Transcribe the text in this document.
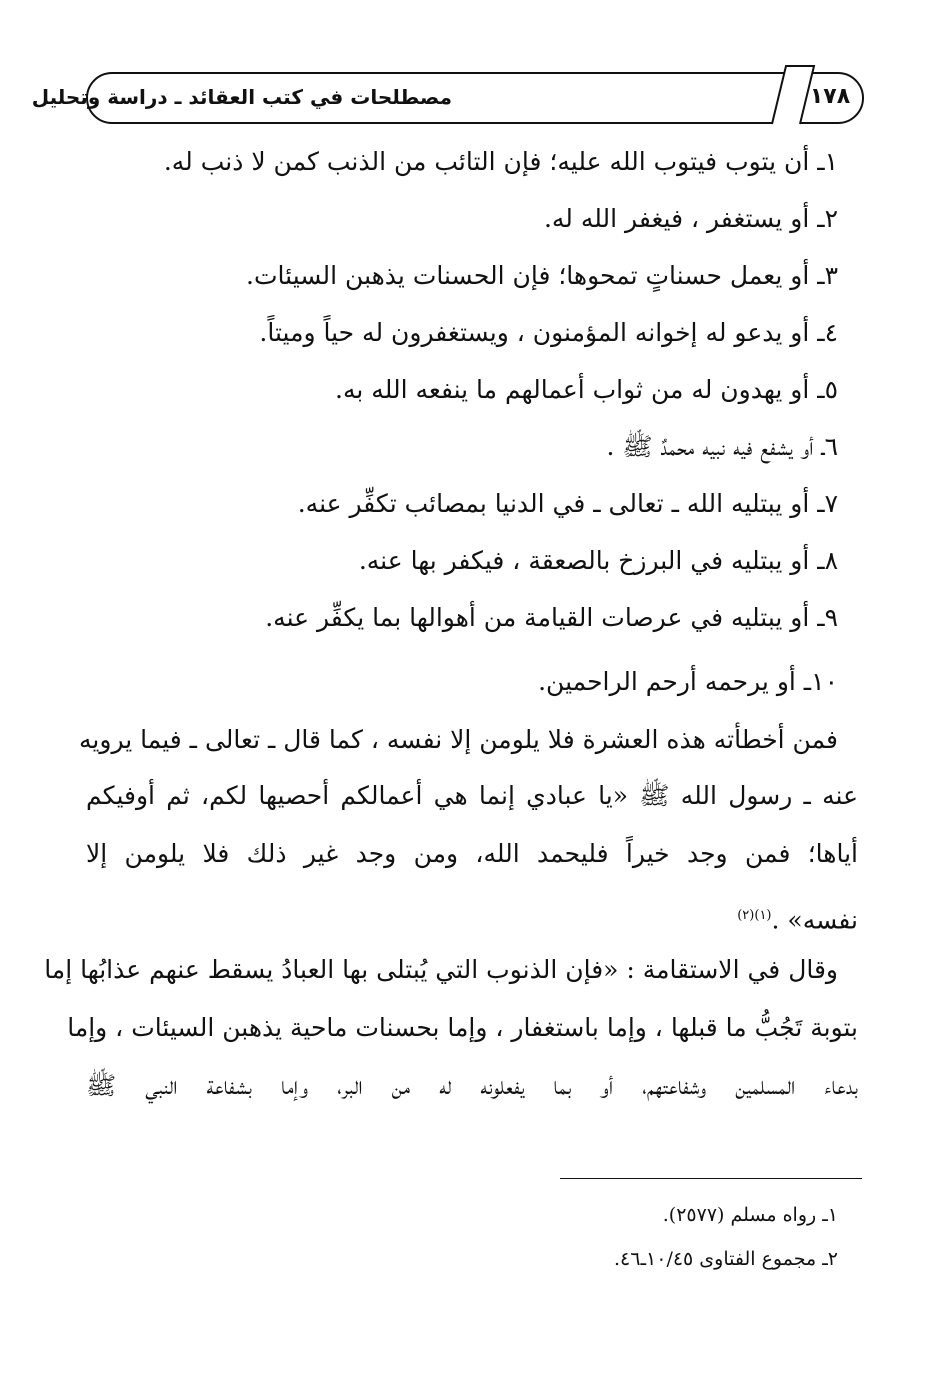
١٧٨
مصطلحات في كتب العقائد ـ دراسة وتحليل
١ـ أن يتوب فيتوب الله عليه؛ فإن التائب من الذنب كمن لا ذنب له.
٢ـ أو يستغفر ، فيغفر الله له.
٣ـ أو يعمل حسناتٍ تمحوها؛ فإن الحسنات يذهبن السيئات.
٤ـ أو يدعو له إخوانه المؤمنون ، ويستغفرون له حياً وميتاً.
٥ـ أو يهدون له من ثواب أعمالهم ما ينفعه الله به.
٦ـ أو يشفع فيه نبيه محمدٌ ﷺ .
٧ـ أو يبتليه الله ـ تعالى ـ في الدنيا بمصائب تكفِّر عنه.
٨ـ أو يبتليه في البرزخ بالصعقة ، فيكفر بها عنه.
٩ـ أو يبتليه في عرصات القيامة من أهوالها بما يكفِّر عنه.
١٠ـ أو يرحمه أرحم الراحمين.
فمن أخطأته هذه العشرة فلا يلومن إلا نفسه ، كما قال ـ تعالى ـ فيما يرويه
عنه ـ رسول الله ﷺ «يا عبادي إنما هي أعمالكم أحصيها لكم، ثم أوفيكم
أياها؛ فمن وجد خيراً فليحمد الله، ومن وجد غير ذلك فلا يلومن إلا
نفسه» .$^{(١)(٢)}$
وقال في الاستقامة : «فإن الذنوب التي يُبتلى بها العبادُ يسقط عنهم عذابُها إما
بتوبة تَجُبُّ ما قبلها ، وإما باستغفار ، وإما بحسنات ماحية يذهبن السيئات ، وإما
بدعاء المسلمين وشفاعتهم، أو بما يفعلونه له من البر، وإما بشفاعة النبي ﷺ
١ـ رواه مسلم (٢٥٧٧).
٢ـ مجموع الفتاوى ١٠/٤٥ـ٤٦.
